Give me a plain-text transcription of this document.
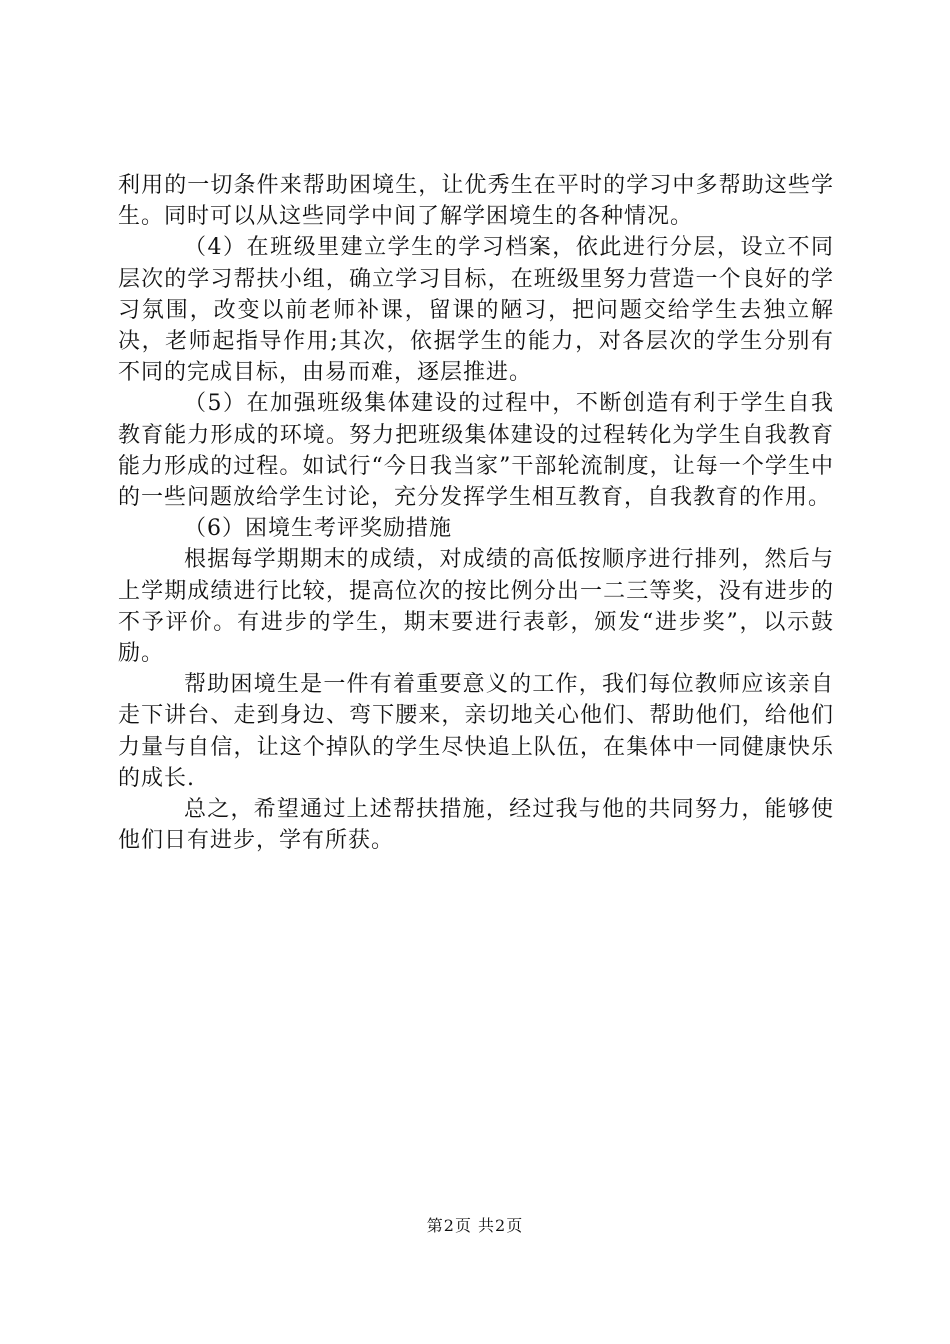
利用的一切条件来帮助困境生，让优秀生在平时的学习中多帮助这些学生。同时可以从这些同学中间了解学困境生的各种情况。

（4）在班级里建立学生的学习档案，依此进行分层，设立不同层次的学习帮扶小组，确立学习目标，在班级里努力营造一个良好的学习氛围，改变以前老师补课，留课的陋习，把问题交给学生去独立解决，老师起指导作用;其次，依据学生的能力，对各层次的学生分别有不同的完成目标，由易而难，逐层推进。

（5）在加强班级集体建设的过程中，不断创造有利于学生自我教育能力形成的环境。努力把班级集体建设的过程转化为学生自我教育能力形成的过程。如试行“今日我当家”干部轮流制度，让每一个学生中的一些问题放给学生讨论，充分发挥学生相互教育，自我教育的作用。

（6）困境生考评奖励措施

根据每学期期末的成绩，对成绩的高低按顺序进行排列，然后与上学期成绩进行比较，提高位次的按比例分出一二三等奖，没有进步的不予评价。有进步的学生，期末要进行表彰，颁发“进步奖”，以示鼓励。

帮助困境生是一件有着重要意义的工作，我们每位教师应该亲自走下讲台、走到身边、弯下腰来，亲切地关心他们、帮助他们，给他们力量与自信，让这个掉队的学生尽快追上队伍，在集体中一同健康快乐的成长.

总之，希望通过上述帮扶措施，经过我与他的共同努力，能够使他们日有进步，学有所获。

第2页 共2页
